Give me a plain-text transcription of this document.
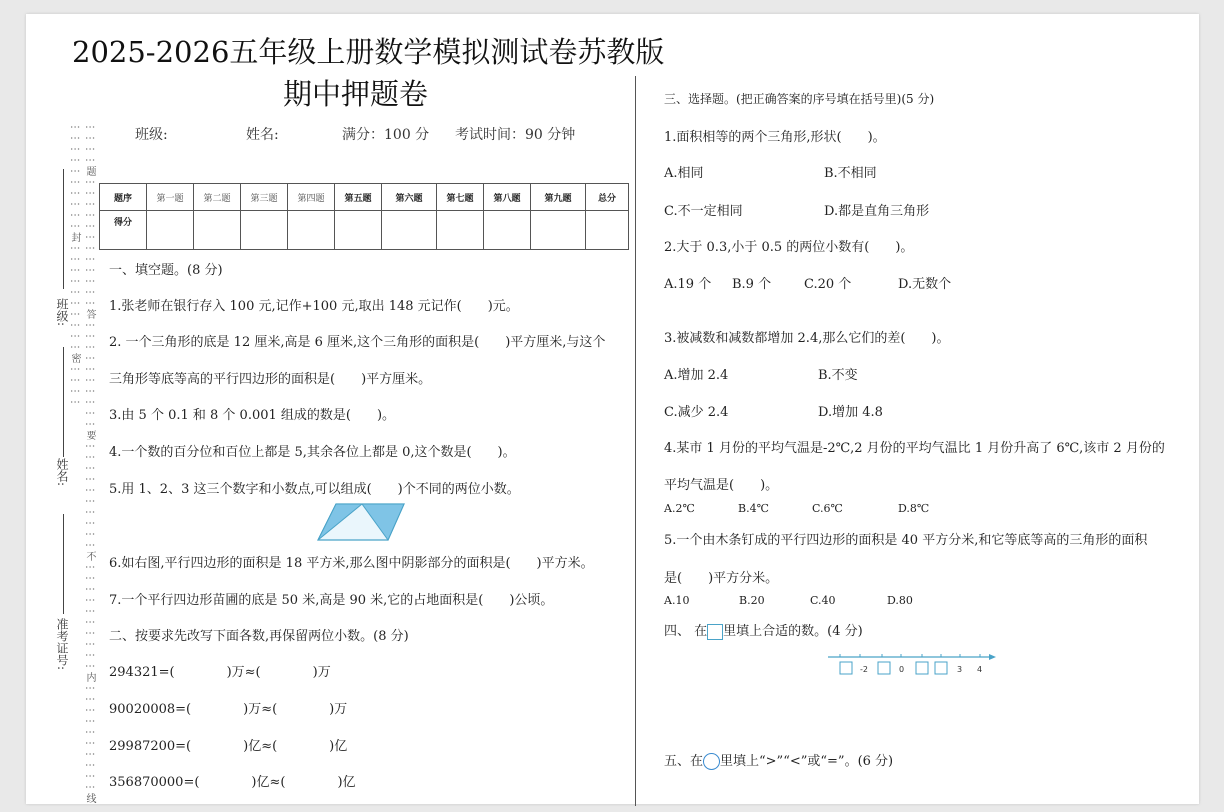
2025-2026五年级上册数学模拟测试卷苏教版
期中押题卷
⋮⋮⋮⋮题⋮⋮⋮⋮⋮⋮⋮⋮⋮⋮⋮⋮答⋮⋮⋮⋮⋮⋮⋮⋮⋮⋮要⋮⋮⋮⋮⋮⋮⋮⋮⋮⋮不⋮⋮⋮⋮⋮⋮⋮⋮⋮⋮内⋮⋮⋮⋮⋮⋮⋮⋮⋮⋮线⋮⋮⋮⋮⋮⋮⋮⋮⋮⋮封⋮⋮⋮⋮⋮⋮⋮⋮⋮⋮密⋮⋮⋮⋮
班级:
姓名:
准考证号:
班级:	姓名:	满分：100 分 考试时间：90 分钟
题序	第一题	第二题	第三题	第四题	第五题	第六题	第七题	第八题	第九题	总分
得分										
一、填空题。(8 分)
1.张老师在银行存入 100 元,记作+100 元,取出 148 元记作(　　)元。
2. 一个三角形的底是 12 厘米,高是 6 厘米,这个三角形的面积是(　　)平方厘米,与这个
三角形等底等高的平行四边形的面积是(　　)平方厘米。
3.由 5 个 0.1 和 8 个 0.001 组成的数是(　　)。
4.一个数的百分位和百位上都是 5,其余各位上都是 0,这个数是(　　)。
5.用 1、2、3 这三个数字和小数点,可以组成(　　)个不同的两位小数。
6.如右图,平行四边形的面积是 18 平方米,那么图中阴影部分的面积是(　　)平方米。
7.一个平行四边形苗圃的底是 50 米,高是 90 米,它的占地面积是(　　)公顷。
二、按要求先改写下面各数,再保留两位小数。(8 分)
294321=(　　　　)万≈(　　　　)万
90020008=(　　　　)万≈(　　　　)万
29987200=(　　　　)亿≈(　　　　)亿
356870000=(　　　　)亿≈(　　　　)亿
三、选择题。(把正确答案的序号填在括号里)(5 分)
1.面积相等的两个三角形,形状(　　)。
A.相同	B.不相同
C.不一定相同	D.都是直角三角形
2.大于 0.3,小于 0.5 的两位小数有(　　)。
A.19 个 B.9 个	C.20 个	D.无数个
3.被减数和减数都增加 2.4,那么它们的差(　　)。
A.增加 2.4	B.不变
C.减少 2.4	D.增加 4.8
4.某市 1 月份的平均气温是-2℃,2 月份的平均气温比 1 月份升高了 6℃,该市 2 月份的
平均气温是(　　)。
A.2℃	B.4℃	C.6℃	D.8℃
5.一个由木条钉成的平行四边形的面积是 40 平方分米,和它等底等高的三角形的面积
是(　　)平方分米。
A.10	B.20	C.40	D.80
四、 在 里填上合适的数。(4 分)
-2	0	3 4
五、在 里填上“>”“<”或“=”。(6 分)
